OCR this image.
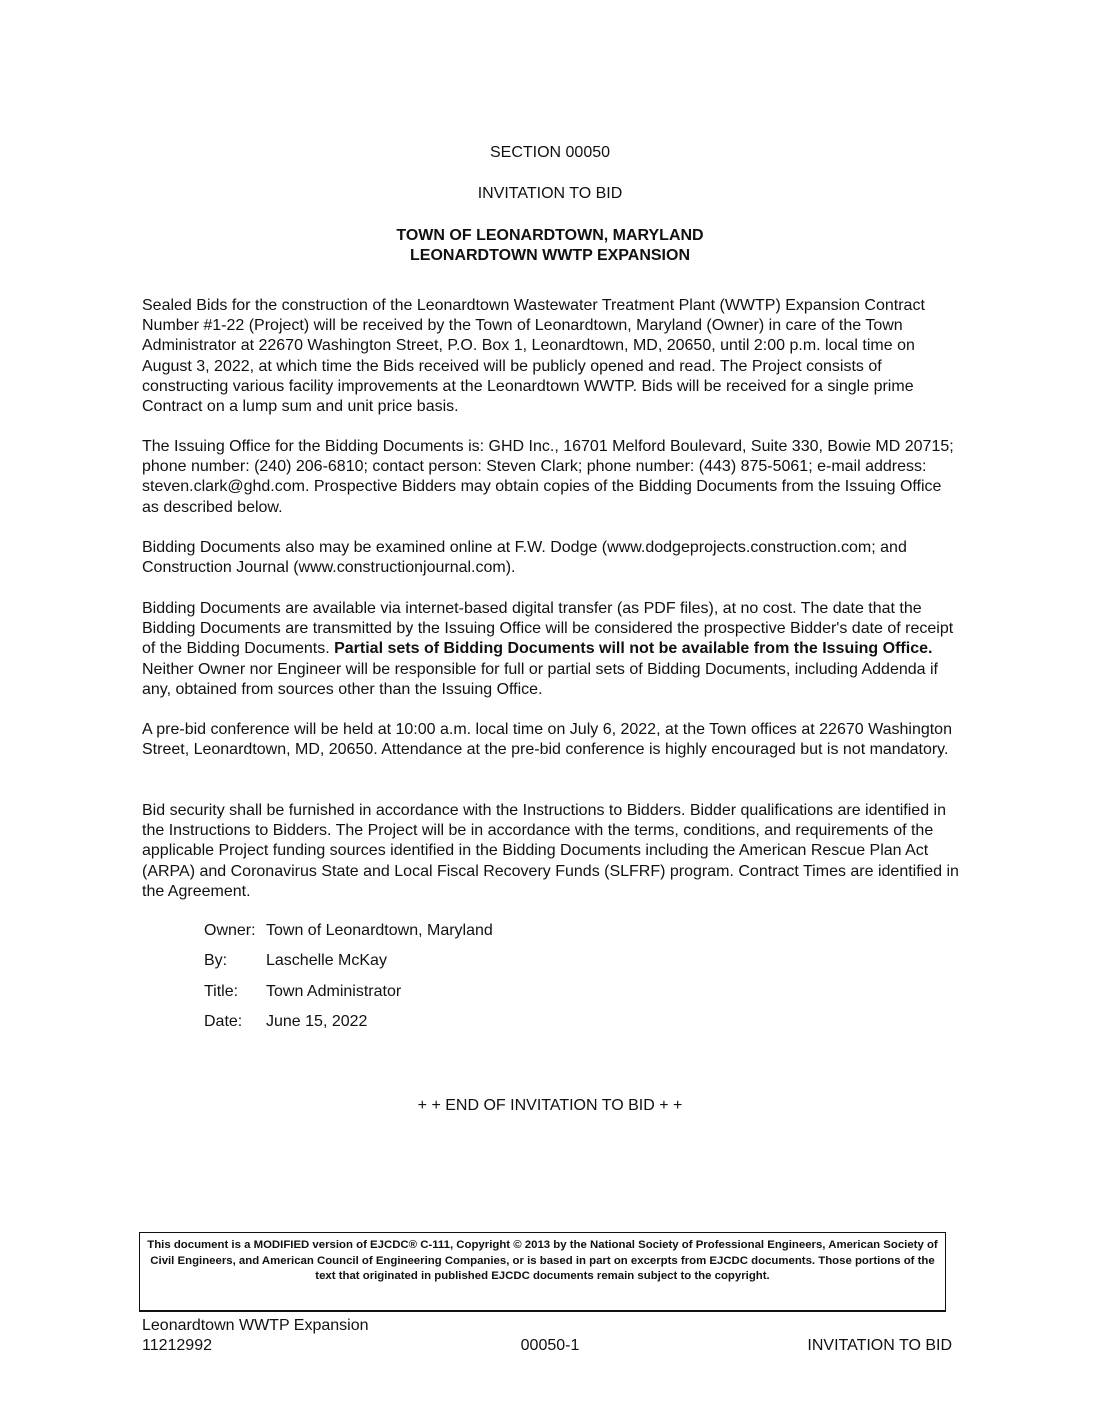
SECTION 00050
INVITATION TO BID
TOWN OF LEONARDTOWN, MARYLAND
LEONARDTOWN WWTP EXPANSION

Sealed Bids for the construction of the Leonardtown Wastewater Treatment Plant (WWTP) Expansion Contract Number #1-22 (Project) will be received by the Town of Leonardtown, Maryland (Owner) in care of the Town Administrator at 22670 Washington Street, P.O. Box 1, Leonardtown, MD, 20650, until 2:00 p.m. local time on August 3, 2022, at which time the Bids received will be publicly opened and read. The Project consists of constructing various facility improvements at the Leonardtown WWTP. Bids will be received for a single prime Contract on a lump sum and unit price basis.

The Issuing Office for the Bidding Documents is: GHD Inc., 16701 Melford Boulevard, Suite 330, Bowie MD 20715; phone number: (240) 206-6810; contact person: Steven Clark; phone number: (443) 875-5061; e-mail address: steven.clark@ghd.com. Prospective Bidders may obtain copies of the Bidding Documents from the Issuing Office as described below.

Bidding Documents also may be examined online at F.W. Dodge (www.dodgeprojects.construction.com; and Construction Journal (www.constructionjournal.com).

Bidding Documents are available via internet-based digital transfer (as PDF files), at no cost. The date that the Bidding Documents are transmitted by the Issuing Office will be considered the prospective Bidder's date of receipt of the Bidding Documents. Partial sets of Bidding Documents will not be available from the Issuing Office. Neither Owner nor Engineer will be responsible for full or partial sets of Bidding Documents, including Addenda if any, obtained from sources other than the Issuing Office.

A pre-bid conference will be held at 10:00 a.m. local time on July 6, 2022, at the Town offices at 22670 Washington Street, Leonardtown, MD, 20650. Attendance at the pre-bid conference is highly encouraged but is not mandatory.

Bid security shall be furnished in accordance with the Instructions to Bidders. Bidder qualifications are identified in the Instructions to Bidders. The Project will be in accordance with the terms, conditions, and requirements of the applicable Project funding sources identified in the Bidding Documents including the American Rescue Plan Act (ARPA) and Coronavirus State and Local Fiscal Recovery Funds (SLFRF) program. Contract Times are identified in the Agreement.

Owner: Town of Leonardtown, Maryland
By: Laschelle McKay
Title: Town Administrator
Date: June 15, 2022
+ + END OF INVITATION TO BID + +
This document is a MODIFIED version of EJCDC® C-111, Copyright © 2013 by the National Society of Professional Engineers, American Society of Civil Engineers, and American Council of Engineering Companies, or is based in part on excerpts from EJCDC documents. Those portions of the text that originated in published EJCDC documents remain subject to the copyright.
Leonardtown WWTP Expansion
11212992	00050-1	INVITATION TO BID
